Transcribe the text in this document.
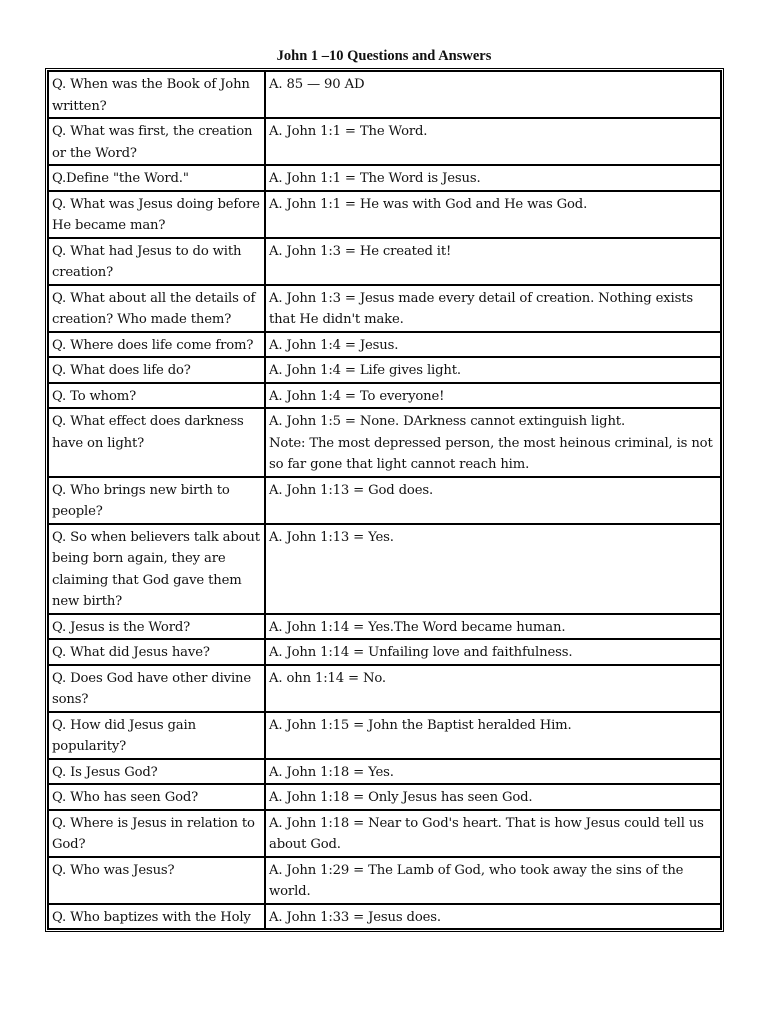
John 1 –10 Questions and Answers
Q. When was the Book of John written?	A. 85 — 90 AD

Q. What was first, the creation or the Word?	A. John 1:1 = The Word.

Q.Define "the Word."	A. John 1:1 = The Word is Jesus.

Q. What was Jesus doing before He became man?	A. John 1:1 = He was with God and He was God.

Q. What had Jesus to do with creation?	A. John 1:3 = He created it!

Q. What about all the details of creation? Who made them?	A. John 1:3 = Jesus made every detail of creation. Nothing exists that He didn't make.

Q. Where does life come from?	A. John 1:4 = Jesus.

Q. What does life do?	A. John 1:4 = Life gives light.

Q. To whom?	A. John 1:4 = To everyone!

Q. What effect does darkness have on light?	A. John 1:5 = None. DArkness cannot extinguish light.
Note: The most depressed person, the most heinous criminal, is not so far gone that light cannot reach him.

Q. Who brings new birth to people?	A. John 1:13 = God does.

Q. So when believers talk about being born again, they are claiming that God gave them new birth?	A. John 1:13 = Yes.

Q. Jesus is the Word?	A. John 1:14 = Yes.The Word became human.

Q. What did Jesus have?	A. John 1:14 = Unfailing love and faithfulness.

Q. Does God have other divine sons?	A. ohn 1:14 = No.

Q. How did Jesus gain popularity?	A. John 1:15 = John the Baptist heralded Him.

Q. Is Jesus God?	A. John 1:18 = Yes.

Q. Who has seen God?	A. John 1:18 = Only Jesus has seen God.

Q. Where is Jesus in relation to God?	A. John 1:18 = Near to God's heart. That is how Jesus could tell us about God.

Q. Who was Jesus?	A. John 1:29 = The Lamb of God, who took away the sins of the world.

Q. Who baptizes with the Holy	A. John 1:33 = Jesus does.
